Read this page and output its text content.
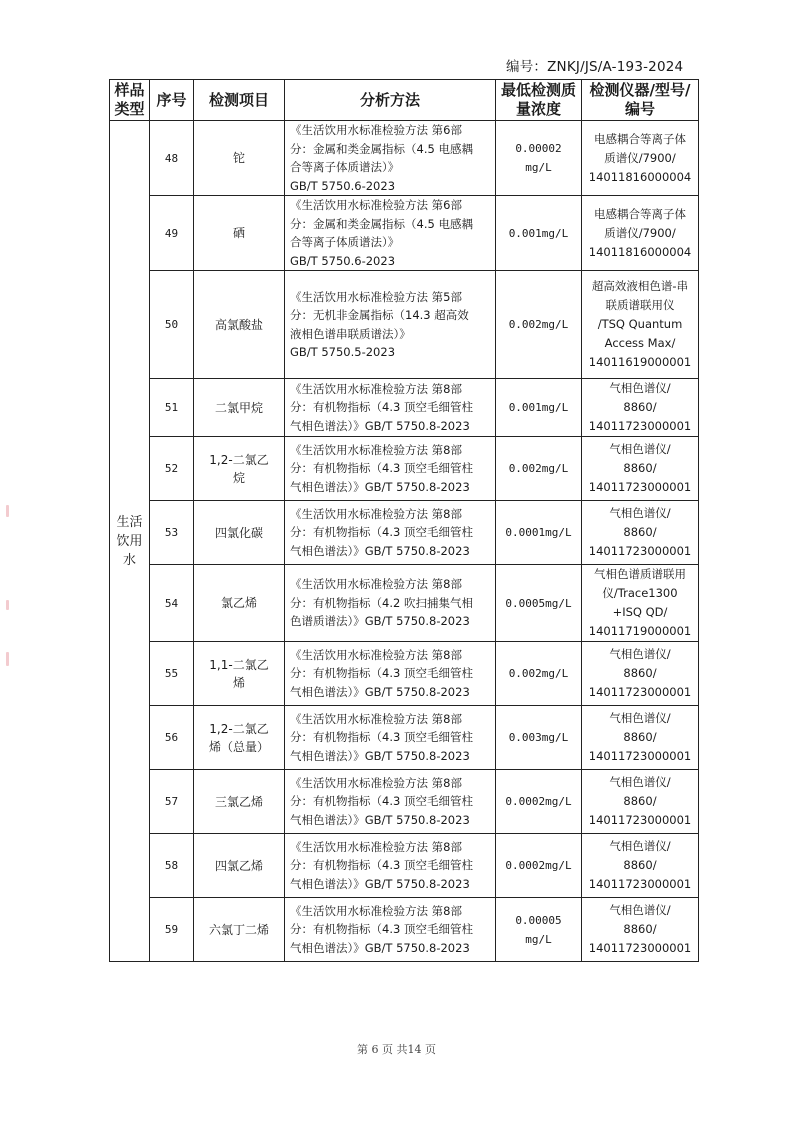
编号：ZNKJ/JS/A-193-2024
样品类型	序号	检测项目	分析方法	最低检测质量浓度	检测仪器/型号/编号
生活饮用水	48	铊	《生活饮用水标准检验方法 第6部
分：金属和类金属指标（4.5 电感耦
合等离子体质谱法）》
GB/T 5750.6-2023	0.00002
mg/L	电感耦合等离子体
质谱仪/7900/
14011816000004

	49	硒	《生活饮用水标准检验方法 第6部
分：金属和类金属指标（4.5 电感耦
合等离子体质谱法）》
GB/T 5750.6-2023	0.001mg/L	电感耦合等离子体
质谱仪/7900/
14011816000004

	50	高氯酸盐	《生活饮用水标准检验方法 第5部
分：无机非金属指标（14.3 超高效
液相色谱串联质谱法）》
GB/T 5750.5-2023	0.002mg/L	超高效液相色谱-串
联质谱联用仪
/TSQ Quantum
Access Max/
14011619000001

	51	二氯甲烷	《生活饮用水标准检验方法 第8部
分：有机物指标（4.3 顶空毛细管柱
气相色谱法）》GB/T 5750.8-2023	0.001mg/L	气相色谱仪/
8860/
14011723000001

	52	1,2-二氯乙
烷	《生活饮用水标准检验方法 第8部
分：有机物指标（4.3 顶空毛细管柱
气相色谱法）》GB/T 5750.8-2023	0.002mg/L	气相色谱仪/
8860/
14011723000001

	53	四氯化碳	《生活饮用水标准检验方法 第8部
分：有机物指标（4.3 顶空毛细管柱
气相色谱法）》GB/T 5750.8-2023	0.0001mg/L	气相色谱仪/
8860/
14011723000001

	54	氯乙烯	《生活饮用水标准检验方法 第8部
分：有机物指标（4.2 吹扫捕集气相
色谱质谱法）》GB/T 5750.8-2023	0.0005mg/L	气相色谱质谱联用
仪/Trace1300
+ISQ QD/
14011719000001

	55	1,1-二氯乙
烯	《生活饮用水标准检验方法 第8部
分：有机物指标（4.3 顶空毛细管柱
气相色谱法）》GB/T 5750.8-2023	0.002mg/L	气相色谱仪/
8860/
14011723000001

	56	1,2-二氯乙
烯（总量）	《生活饮用水标准检验方法 第8部
分：有机物指标（4.3 顶空毛细管柱
气相色谱法）》GB/T 5750.8-2023	0.003mg/L	气相色谱仪/
8860/
14011723000001

	57	三氯乙烯	《生活饮用水标准检验方法 第8部
分：有机物指标（4.3 顶空毛细管柱
气相色谱法）》GB/T 5750.8-2023	0.0002mg/L	气相色谱仪/
8860/
14011723000001

	58	四氯乙烯	《生活饮用水标准检验方法 第8部
分：有机物指标（4.3 顶空毛细管柱
气相色谱法）》GB/T 5750.8-2023	0.0002mg/L	气相色谱仪/
8860/
14011723000001

	59	六氯丁二烯	《生活饮用水标准检验方法 第8部
分：有机物指标（4.3 顶空毛细管柱
气相色谱法）》GB/T 5750.8-2023	0.00005
mg/L	气相色谱仪/
8860/
14011723000001
第 6 页 共14 页
